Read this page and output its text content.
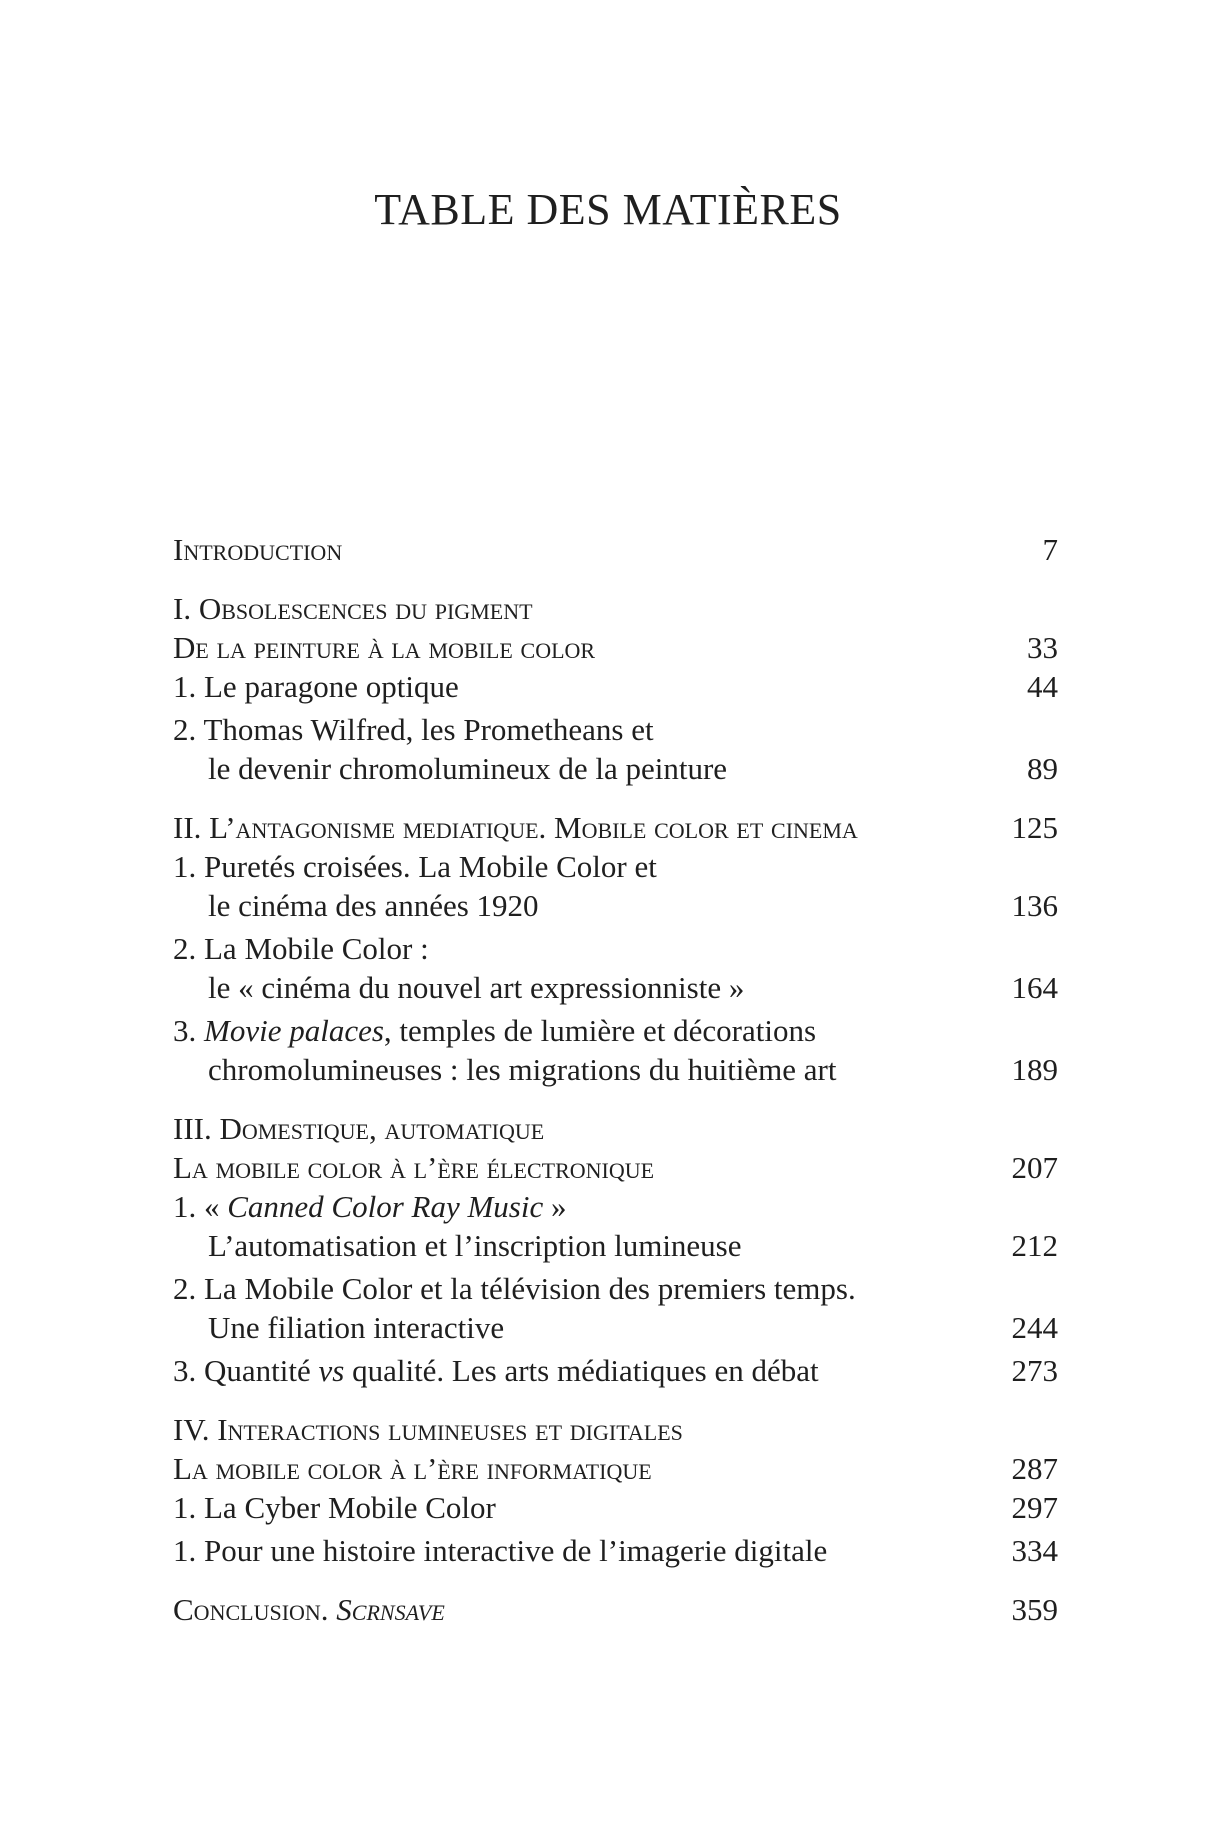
TABLE DES MATIÈRES
Introduction	7
I. Obsolescences du pigment
De la peinture à la mobile color	33
1. Le paragone optique	44
2. Thomas Wilfred, les Prometheans et
le devenir chromolumineux de la peinture	89
II. L’antagonisme mediatique. Mobile color et cinema	125
1. Puretés croisées. La Mobile Color et
le cinéma des années 1920	136
2. La Mobile Color :
le « cinéma du nouvel art expressionniste »	164
3. Movie palaces, temples de lumière et décorations
chromolumineuses : les migrations du huitième art	189
III. Domestique, automatique
La mobile color à l’ère électronique	207
1. « Canned Color Ray Music »
L’automatisation et l’inscription lumineuse	212
2. La Mobile Color et la télévision des premiers temps.
Une filiation interactive	244
3. Quantité vs qualité. Les arts médiatiques en débat	273
IV. Interactions lumineuses et digitales
La mobile color à l’ère informatique	287
1. La Cyber Mobile Color	297
1. Pour une histoire interactive de l’imagerie digitale	334
Conclusion. Scrnsave	359
